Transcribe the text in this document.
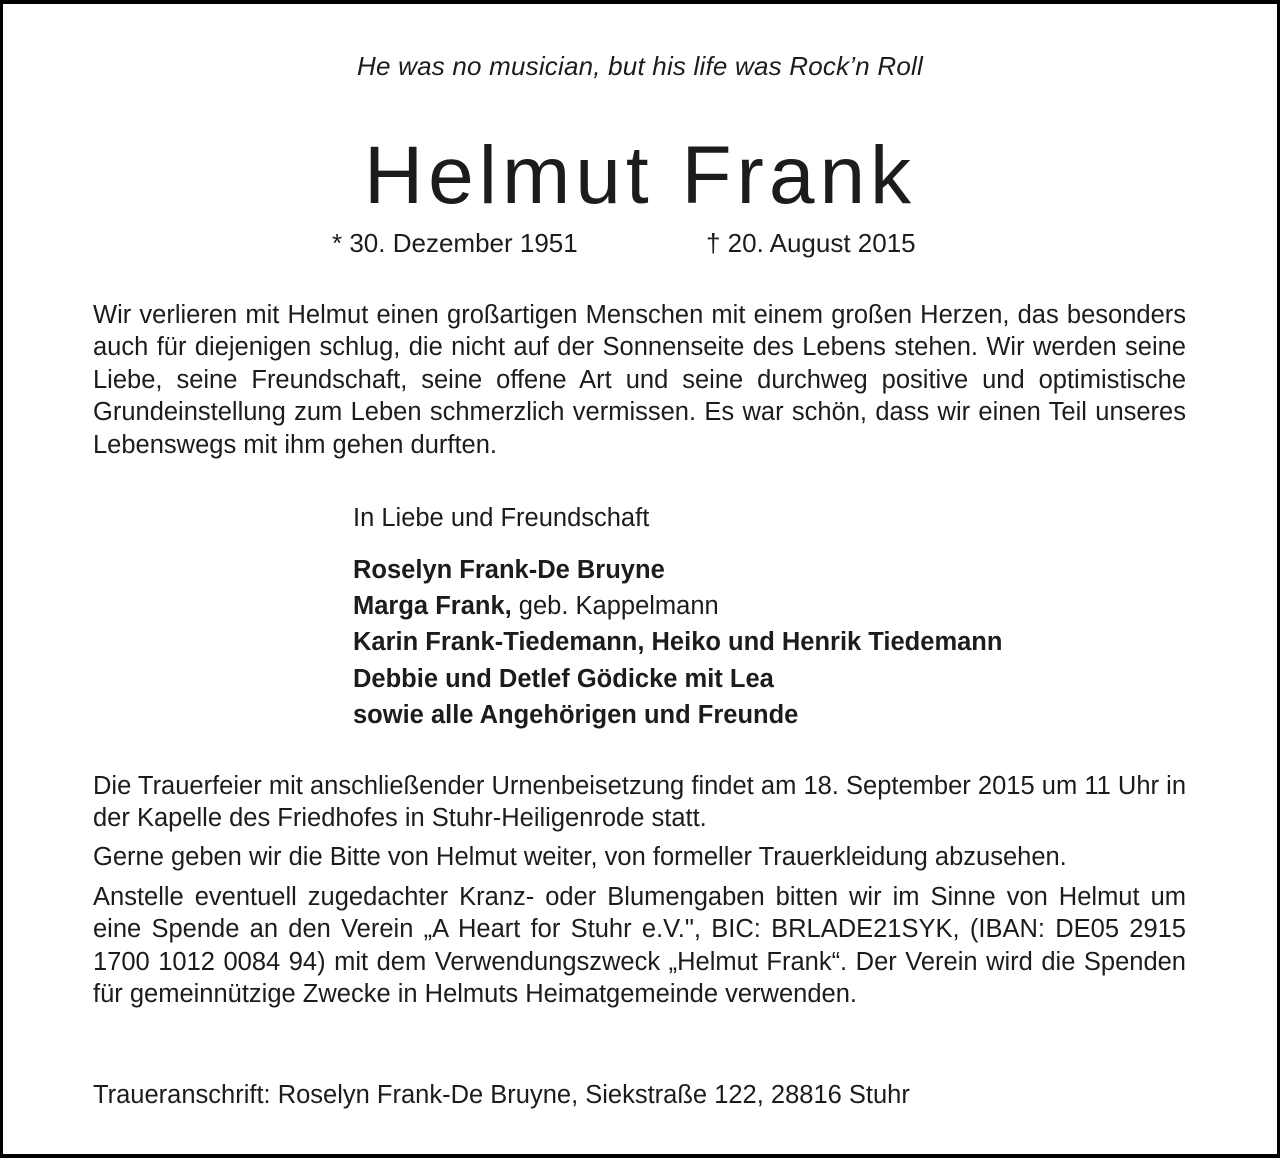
He was no musician, but his life was Rock’n Roll
Helmut Frank
* 30. Dezember 1951	† 20. August 2015

Wir verlieren mit Helmut einen großartigen Menschen mit einem großen Herzen, das besonders auch für diejenigen schlug, die nicht auf der Sonnenseite des Lebens stehen. Wir werden seine Liebe, seine Freundschaft, seine offene Art und seine durchweg positive und optimistische Grundeinstellung zum Leben schmerzlich vermissen. Es war schön, dass wir einen Teil unseres Lebenswegs mit ihm gehen durften.

In Liebe und Freundschaft
Roselyn Frank-De Bruyne
Marga Frank, geb. Kappelmann
Karin Frank-Tiedemann, Heiko und Henrik Tiedemann
Debbie und Detlef Gödicke mit Lea
sowie alle Angehörigen und Freunde

Die Trauerfeier mit anschließender Urnenbeisetzung findet am 18. September 2015 um 11 Uhr in der Kapelle des Friedhofes in Stuhr-Heiligenrode statt.

Gerne geben wir die Bitte von Helmut weiter, von formeller Trauerkleidung abzusehen.

Anstelle eventuell zugedachter Kranz- oder Blumengaben bitten wir im Sinne von Helmut um eine Spende an den Verein „A Heart for Stuhr e.V.", BIC: BRLADE21SYK, (IBAN: DE05 2915 1700 1012 0084 94) mit dem Verwendungszweck „Helmut Frank“. Der Verein wird die Spenden für gemeinnützige Zwecke in Helmuts Heimatgemeinde verwenden.

Traueranschrift: Roselyn Frank-De Bruyne, Siekstraße 122, 28816 Stuhr
